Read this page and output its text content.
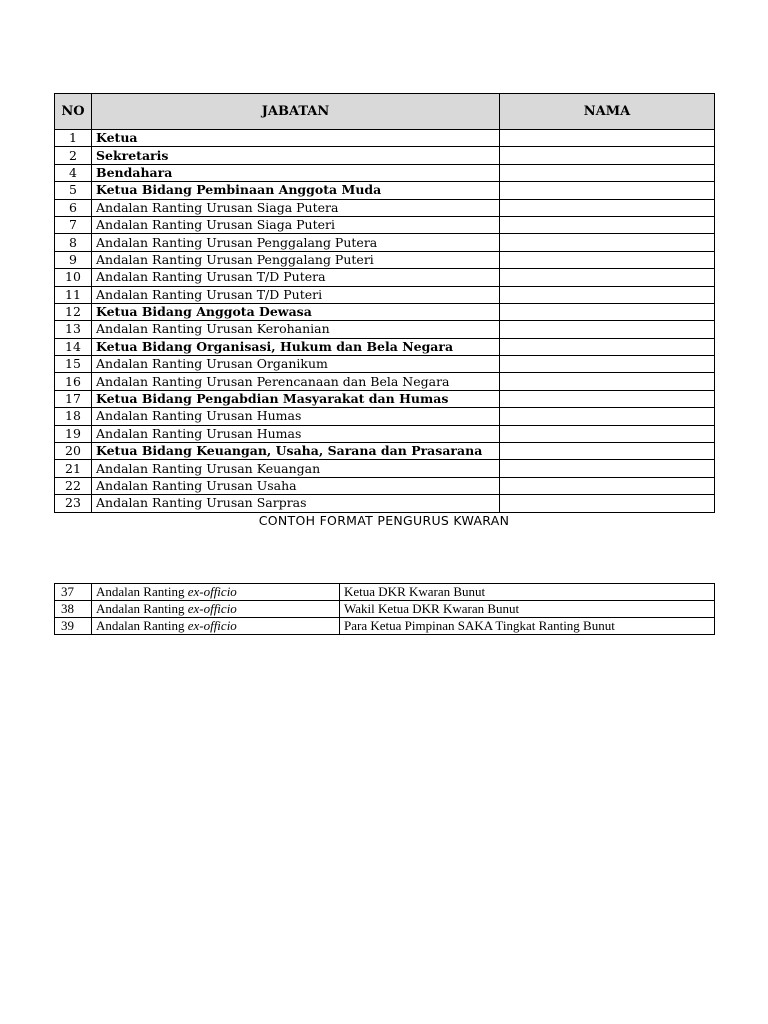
NO	JABATAN	NAMA
1	Ketua	
2	Sekretaris	
4	Bendahara	
5	Ketua Bidang Pembinaan Anggota Muda	
6	Andalan Ranting Urusan Siaga Putera	
7	Andalan Ranting Urusan Siaga Puteri	
8	Andalan Ranting Urusan Penggalang Putera	
9	Andalan Ranting Urusan Penggalang Puteri	
10	Andalan Ranting Urusan T/D Putera	
11	Andalan Ranting Urusan T/D Puteri	
12	Ketua Bidang Anggota Dewasa	
13	Andalan Ranting Urusan Kerohanian	
14	Ketua Bidang Organisasi, Hukum dan Bela Negara	
15	Andalan Ranting Urusan Organikum	
16	Andalan Ranting Urusan Perencanaan dan Bela Negara	
17	Ketua Bidang Pengabdian Masyarakat dan Humas	
18	Andalan Ranting Urusan Humas	
19	Andalan Ranting Urusan Humas	
20	Ketua Bidang Keuangan, Usaha, Sarana dan Prasarana	
21	Andalan Ranting Urusan Keuangan	
22	Andalan Ranting Urusan Usaha	
23	Andalan Ranting Urusan Sarpras	
CONTOH FORMAT PENGURUS KWARAN
37	Andalan Ranting ex-officio	Ketua DKR Kwaran Bunut
38	Andalan Ranting ex-officio	Wakil Ketua DKR Kwaran Bunut
39	Andalan Ranting ex-officio	Para Ketua Pimpinan SAKA Tingkat Ranting Bunut
